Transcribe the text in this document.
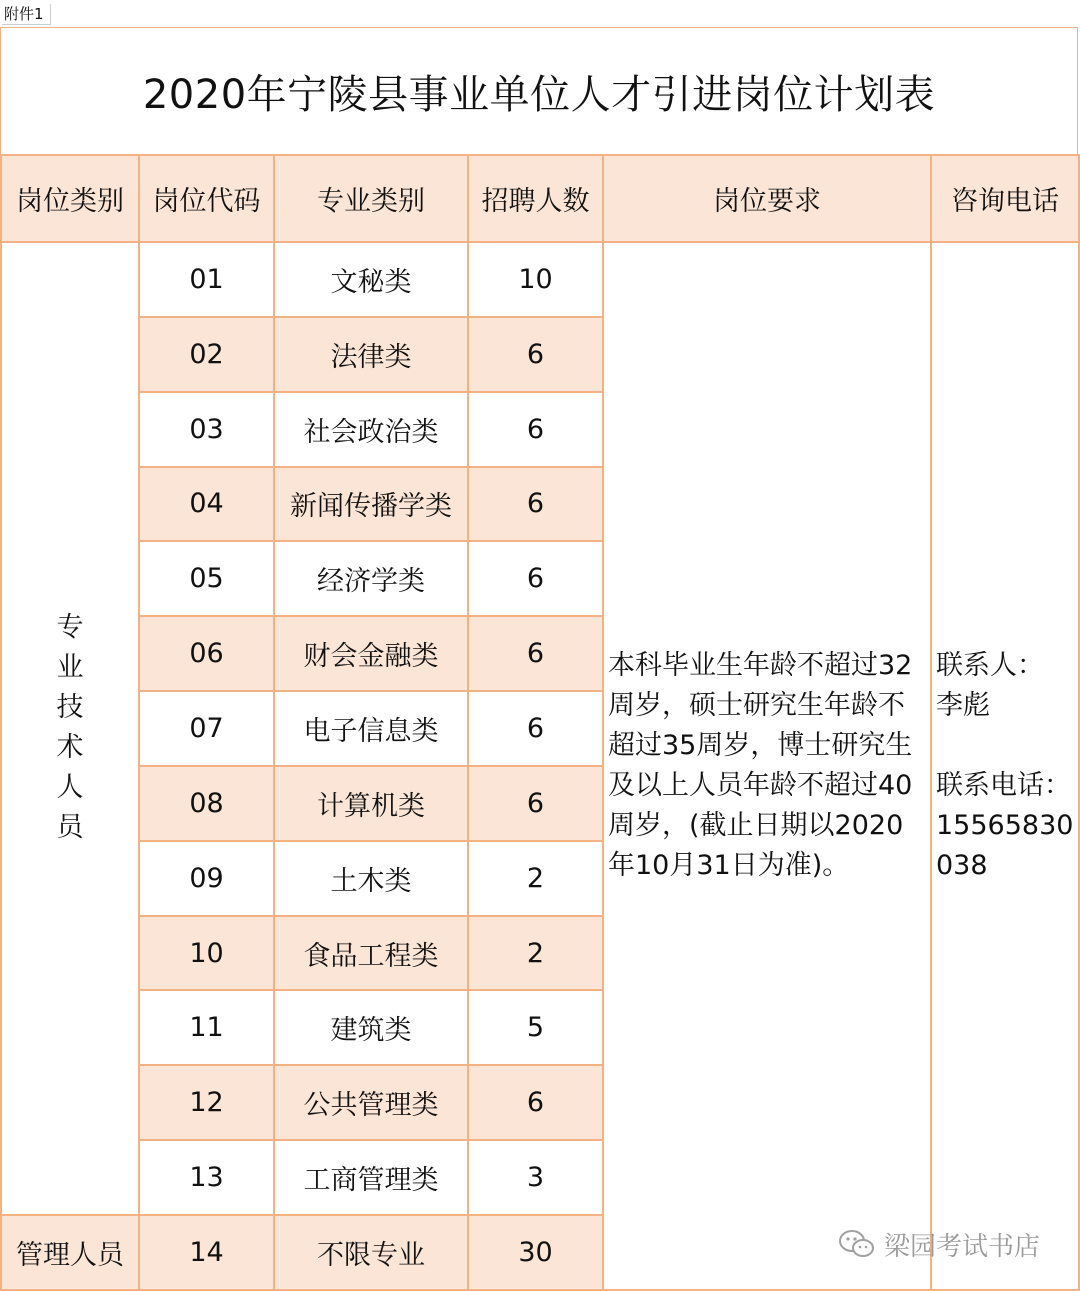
附件1
2020年宁陵县事业单位人才引进岗位计划表
岗位类别	岗位代码	专业类别	招聘人数	岗位要求	咨询电话
专业技术人员	01	文秘类	10	本科毕业生年龄不超过32周岁，硕士研究生年龄不超过35周岁，博士研究生及以上人员年龄不超过40周岁，(截止日期以2020年10月31日为准)。	联系人：
李彪
联系电话：
15565830038

	02	法律类	6		
	03	社会政治类	6		
	04	新闻传播学类	6		
	05	经济学类	6		
	06	财会金融类	6		
	07	电子信息类	6		
	08	计算机类	6		
	09	土木类	2		
	10	食品工程类	2		
	11	建筑类	5		
	12	公共管理类	6		
	13	工商管理类	3		
管理人员	14	不限专业	30			梁园考试书店
